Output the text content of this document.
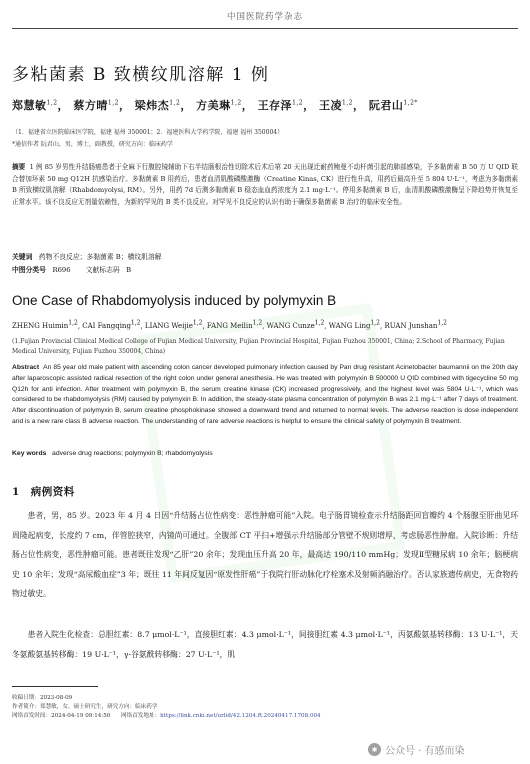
中国医院药学杂志
多粘菌素 B 致横纹肌溶解 1 例
郑慧敏$^{1,2}$， 蔡方晴$^{1,2}$， 梁炜杰$^{1,2}$， 方美琳$^{1,2}$， 王存泽$^{1,2}$， 王凌$^{1,2}$， 阮君山$^{1,2*}$
（1．福建省立医院临床医学院，福建 福州 350001；2．福建医科大学药学院，福建 福州 350004）
*通信作者 阮君山，男，博士，副教授，研究方向：临床药学
摘要 1 例 85 岁男性升结肠癌患者于全麻下行腹腔镜辅助下右半结肠根治性切除术后术后第 20 天出现迁耐药鲍曼不动杆菌引起的肺部感染，予多黏菌素 B 50 万 U QID 联合替加环素 50 mg Q12H 抗感染治疗。多黏菌素 B 用药后，患者血清肌酸磷酸激酶（Creatine Kinas, CK）进行性升高，用药后最高升至 5 804 U·L⁻¹，考虑为多黏菌素 B 所致横纹肌溶解（Rhabdomyolysi, RM）。另外，用药 7d 后测多黏菌素 B 稳态血血药浓度为 2.1 mg·L⁻¹。停用多黏菌素 B 后，血清肌酸磷酸激酶呈下降趋势并恢复至正常水平。该不良反应无剂量依赖性，为新的罕见的 B 类不良反应。对罕见不良反应的认识有助于确保多黏菌素 B 治疗的临床安全性。
关键词 药物不良反应；多黏菌素 B；横纹肌溶解
中图分类号 R696 文献标志码 B
One Case of Rhabdomyolysis induced by polymyxin B
ZHENG Huimin$^{1,2}$, CAI Fangqing$^{1,2}$, LIANG Weijie$^{1,2}$, FANG Meilin$^{1,2}$, WANG Cunze$^{1,2}$, WANG Ling$^{1,2}$, RUAN Junshan$^{1,2}$
(1.Fujian Provincial Clinical Medical College of Fujian Medical University, Fujian Provincial Hospital, Fujian Fuzhou 350001, China; 2.School of Pharmacy, Fujian Medical University, Fujian Fuzhou 350004, China)
Abstract An 85 year old male patient with ascending colon cancer developed pulmonary infection caused by Pan drug resistant Acinetobacter baumannii on the 20th day after laparoscopic assisted radical resection of the right colon under general anesthesia. He was treated with polymyxin B 500000 U QID combined with tigecycline 50 mg Q12h for anti infection. After treatment with polymyxin B, the serum creatine kinase (CK) increased progressively, and the highest level was 5804 U·L⁻¹, which was considered to be rhabdomyolysis (RM) caused by polymyxin B. In addition, the steady-state plasma concentration of polymyxin B was 2.1 mg·L⁻¹ after 7 days of treatment. After discontinuation of polymyxin B, serum creatine phosphokinase showed a downward trend and returned to normal levels. The adverse reaction is dose independent and is a new rare class B adverse reaction. The understanding of rare adverse reactions is helpful to ensure the clinical safety of polymyxin B treatment.
Key words adverse drug reactions; polymyxin B; rhabdomyolysis
1　病例资料
患者，男，85 岁。2023 年 4 月 4 日因“升结肠占位性病变：恶性肿瘤可能”入院。电子肠胃镜检查示升结肠距回盲瓣约 4 个肠腺至肝曲见环周隆起病变，长度约 7 cm，伴管腔狭窄，内镜尚可通过。全腹部 CT 平扫+增强示升结肠部分管壁不规则增厚，考虑肠恶性肿瘤。入院诊断：升结肠占位性病变，恶性肿瘤可能。患者既往发现“乙肝”20 余年；发现血压升高 20 年，最高达 190/110 mmHg；发现Ⅱ型糖尿病 10 余年；脑梗病史 10 余年；发现“高尿酸血症”3 年；既往 11 年间反复因“原发性肝癌”于我院行肝动脉化疗栓塞术及射频消融治疗。否认家族遗传病史，无食物药物过敏史。
患者入院生化检查：总胆红素：8.7 μmol·L⁻¹，直接胆红素：4.3 μmol·L⁻¹，间接胆红素 4.3 μmol·L⁻¹，丙氨酸氨基转移酶：13 U·L⁻¹，天冬氨酸氨基转移酶：19 U·L⁻¹，γ-谷氨酰转移酶：27 U·L⁻¹，肌
收稿日期：2023-08-09
作者简介：郑慧敏，女，硕士研究生，研究方向：临床药学
网络首发时间：2024-04-19 09:14:50 网络首发地址：https://link.cnki.net/urlid/42.1204.R.20240417.1708.004
✱ 公众号 · 有感而染
